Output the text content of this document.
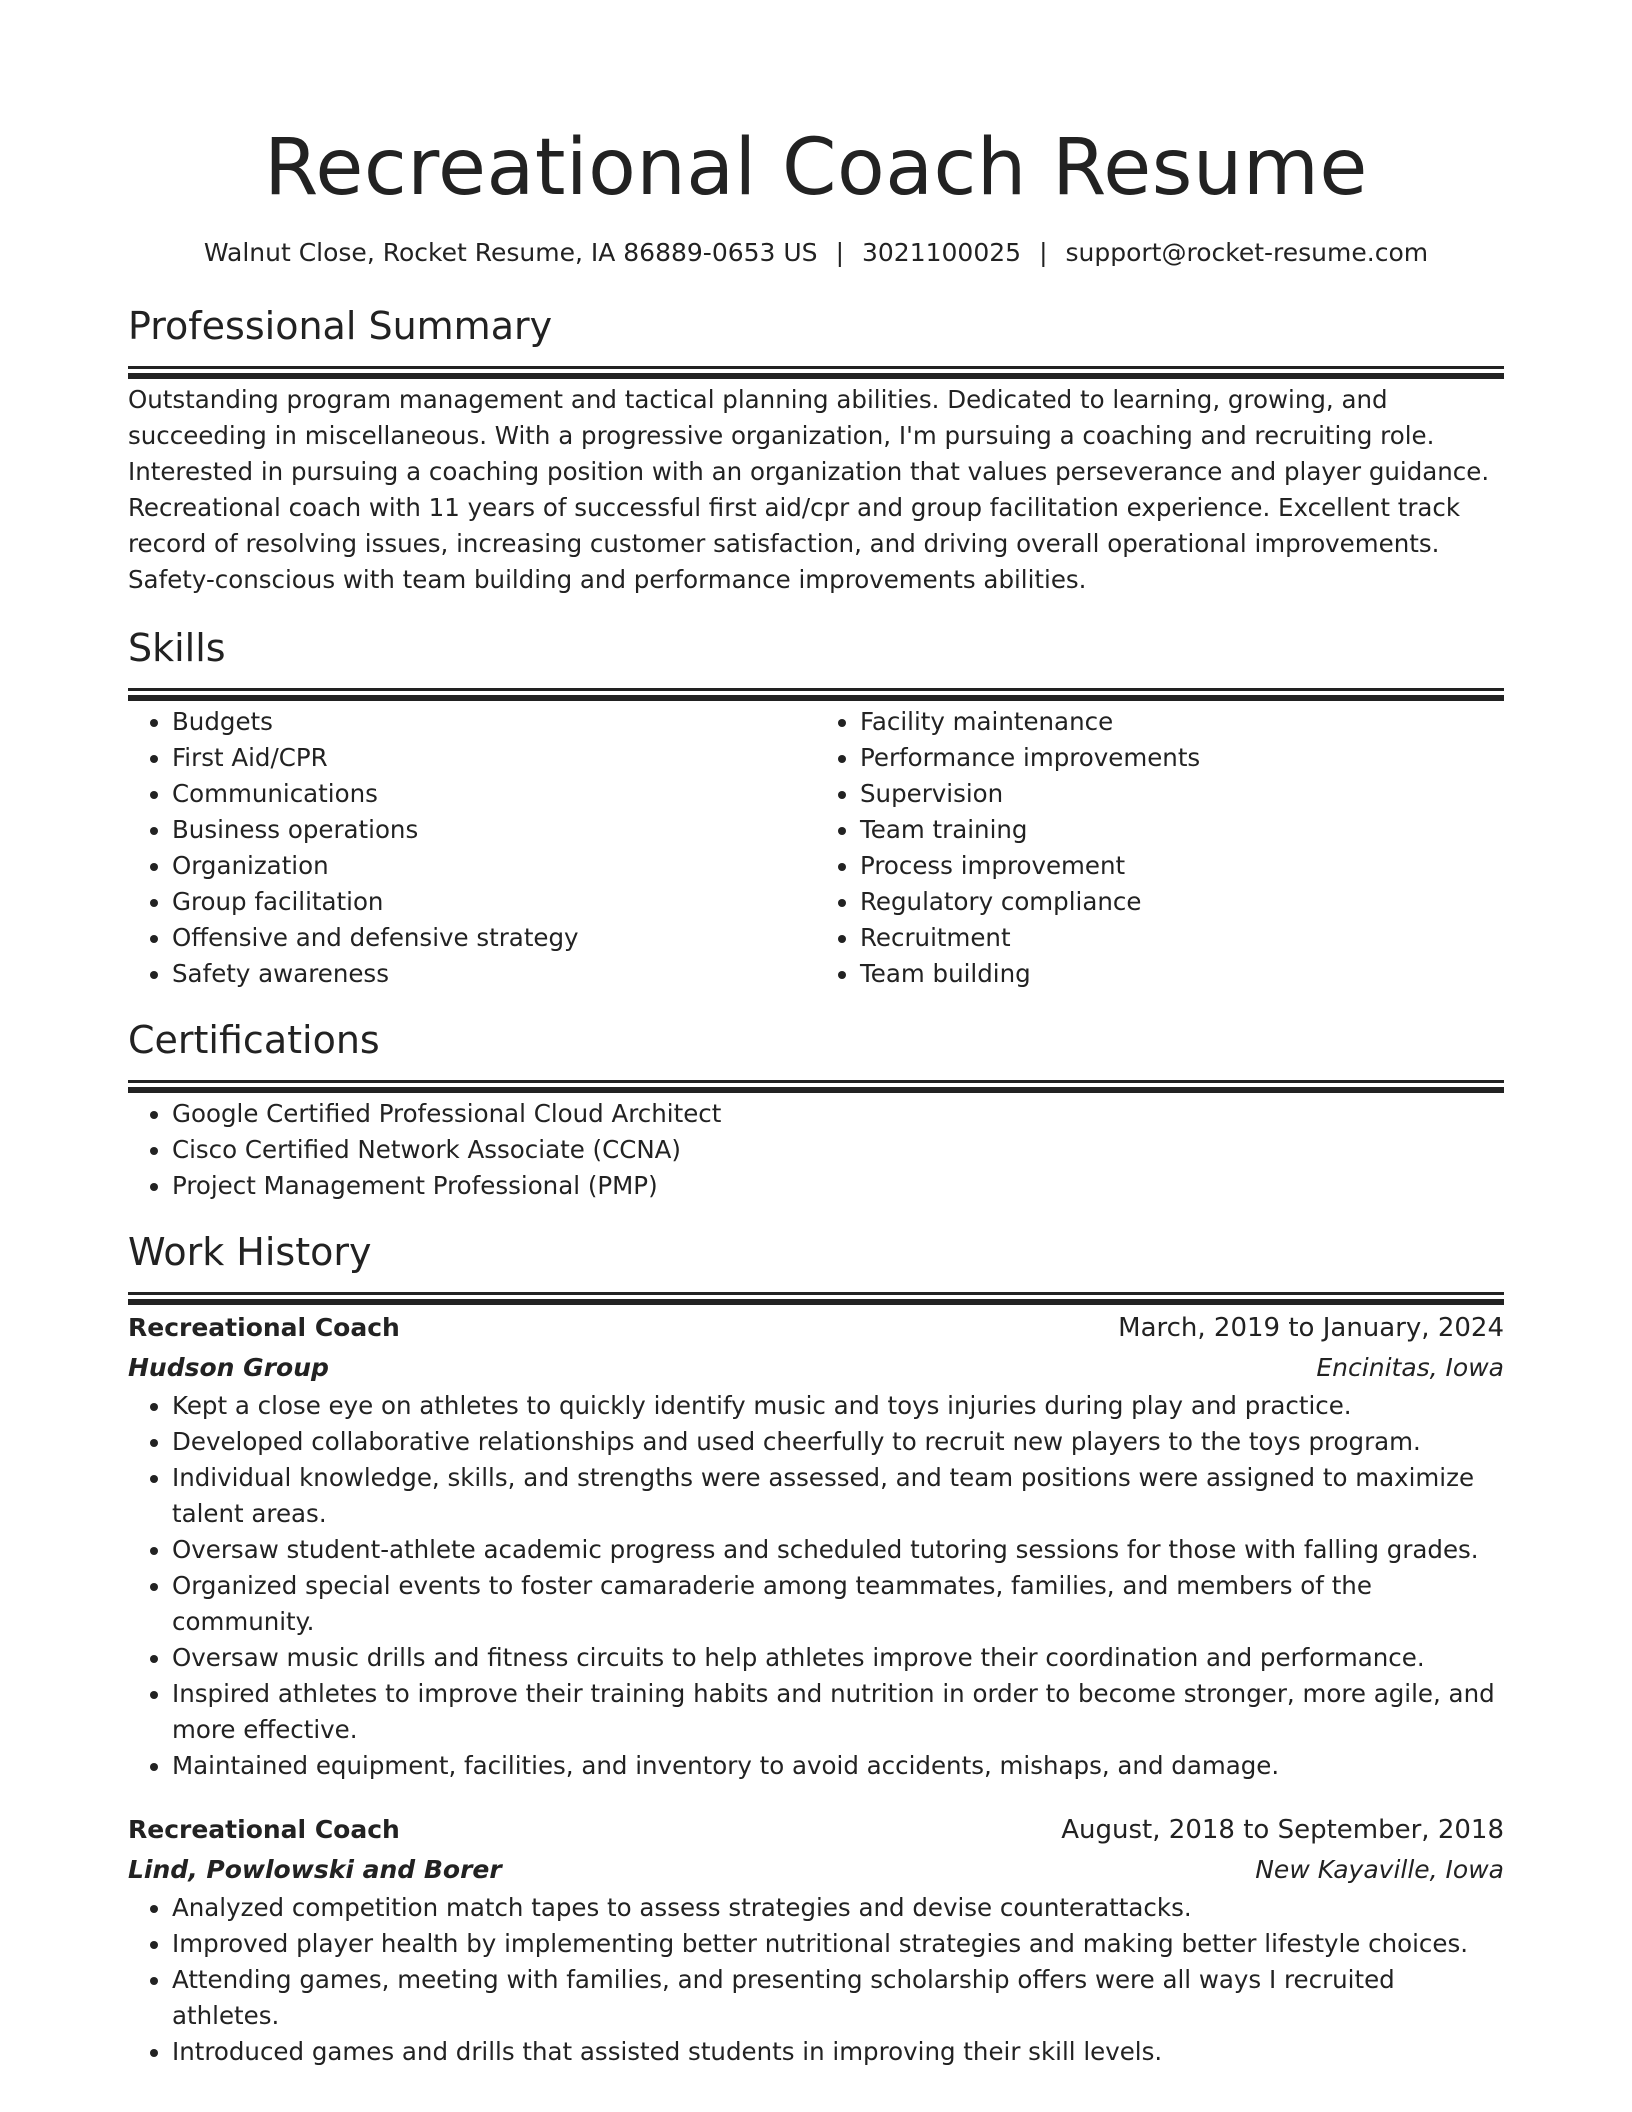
Recreational Coach Resume
Walnut Close, Rocket Resume, IA 86889-0653 US | 3021100025 | support@rocket-resume.com
Professional Summary

Outstanding program management and tactical planning abilities. Dedicated to learning, growing, and succeeding in miscellaneous. With a progressive organization, I'm pursuing a coaching and recruiting role. Interested in pursuing a coaching position with an organization that values perseverance and player guidance. Recreational coach with 11 years of successful first aid/cpr and group facilitation experience. Excellent track record of resolving issues, increasing customer satisfaction, and driving overall operational improvements. Safety-conscious with team building and performance improvements abilities.

Skills
• Budgets
• First Aid/CPR
• Communications
• Business operations
• Organization
• Group facilitation
• Offensive and defensive strategy
• Safety awareness
• Facility maintenance
• Performance improvements
• Supervision
• Team training
• Process improvement
• Regulatory compliance
• Recruitment
• Team building
Certifications
• Google Certified Professional Cloud Architect
• Cisco Certified Network Associate (CCNA)
• Project Management Professional (PMP)
Work History
Recreational Coach	March, 2019 to January, 2024
Hudson Group	Encinitas, Iowa
• Kept a close eye on athletes to quickly identify music and toys injuries during play and practice.
• Developed collaborative relationships and used cheerfully to recruit new players to the toys program.
• Individual knowledge, skills, and strengths were assessed, and team positions were assigned to maximize talent areas.
• Oversaw student-athlete academic progress and scheduled tutoring sessions for those with falling grades.
• Organized special events to foster camaraderie among teammates, families, and members of the community.
• Oversaw music drills and fitness circuits to help athletes improve their coordination and performance.
• Inspired athletes to improve their training habits and nutrition in order to become stronger, more agile, and more effective.
• Maintained equipment, facilities, and inventory to avoid accidents, mishaps, and damage.
Recreational Coach	August, 2018 to September, 2018
Lind, Powlowski and Borer	New Kayaville, Iowa
• Analyzed competition match tapes to assess strategies and devise counterattacks.
• Improved player health by implementing better nutritional strategies and making better lifestyle choices.
• Attending games, meeting with families, and presenting scholarship offers were all ways I recruited athletes.
• Introduced games and drills that assisted students in improving their skill levels.
